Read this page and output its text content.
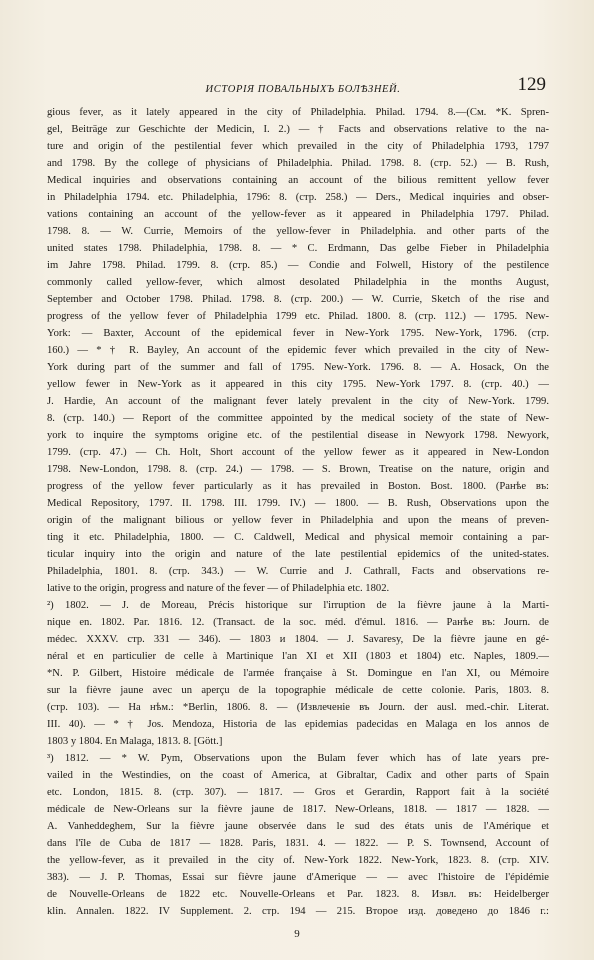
ИСТОРІЯ ПОВАЛЬНЫХЪ БОЛѢЗНЕЙ.	129
gious fever, as it lately appeared in the city of Philadelphia. Philad. 1794. 8.—(См. *K. Spren-
gel, Beiträge zur Geschichte der Medicin, I. 2.) — † Facts and observations relative to the na-
ture and origin of the pestilential fever which prevailed in the city of Philadelphia 1793, 1797
and 1798. By the college of physicians of Philadelphia. Philad. 1798. 8. (стр. 52.) — B. Rush,
Medical inquiries and observations containing an account of the bilious remittent yellow fever
in Philadelphia 1794. etc. Philadelphia, 1796: 8. (стр. 258.) — Ders., Medical inquiries and obser-
vations containing an account of the yellow-fever as it appeared in Philadelphia 1797. Philad.
1798. 8. — W. Currie, Memoirs of the yellow-fever in Philadelphia. and other parts of the
united states 1798. Philadelphia, 1798. 8. — * C. Erdmann, Das gelbe Fieber in Philadelphia
im Jahre 1798. Philad. 1799. 8. (стр. 85.) — Condie and Folwell, History of the pestilence
commonly called yellow-fever, which almost desolated Philadelphia in the months August,
September and October 1798. Philad. 1798. 8. (стр. 200.) — W. Currie, Sketch of the rise and
progress of the yellow fever of Philadelphia 1799 etc. Philad. 1800. 8. (стр. 112.) — 1795. New-
York: — Baxter, Account of the epidemical fever in New-York 1795. New-York, 1796. (стр.
160.) — * † R. Bayley, An account of the epidemic fever which prevailed in the city of New-
York during part of the summer and fall of 1795. New-York. 1796. 8. — A. Hosack, On the
yellow fewer in New-York as it appeared in this city 1795. New-York 1797. 8. (стр. 40.) —
J. Hardie, An account of the malignant fever lately prevalent in the city of New-York. 1799.
8. (стр. 140.) — Report of the committee appointed by the medical society of the state of New-
york to inquire the symptoms origine etc. of the pestilential disease in Newyork 1798. Newyork,
1799. (стр. 47.) — Ch. Holt, Short account of the yellow fewer as it appeared in New-London
1798. New-London, 1798. 8. (стр. 24.) — 1798. — S. Brown, Treatise on the nature, origin and
progress of the yellow fever particularly as it has prevailed in Boston. Bost. 1800. (Ранѣе въ:
Medical Repository, 1797. II. 1798. III. 1799. IV.) — 1800. — B. Rush, Observations upon the
origin of the malignant bilious or yellow fever in Philadelphia and upon the means of preven-
ting it etc. Philadelphia, 1800. — C. Caldwell, Medical and physical memoir containing a par-
ticular inquiry into the origin and nature of the late pestilential epidemics of the united-states.
Philadelphia, 1801. 8. (стр. 343.) — W. Currie and J. Cathrall, Facts and observations re-
lative to the origin, progress and nature of the fever — of Philadelphia etc. 1802.
²) 1802. — J. de Moreau, Précis historique sur l'irruption de la fièvre jaune à la Marti-
nique en. 1802. Par. 1816. 12. (Transact. de la soc. méd. d'émul. 1816. — Ранѣе въ: Journ. de
médec. XXXV. стр. 331 — 346). — 1803 и 1804. — J. Savaresy, De la fièvre jaune en gé-
néral et en particulier de celle à Martinique l'an XI et XII (1803 et 1804) etc. Naples, 1809.—
*N. P. Gilbert, Histoire médicale de l'armée française à St. Domingue en l'an XI, ou Mémoire
sur la fièvre jaune avec un aperçu de la topographie médicale de cette colonie. Paris, 1803. 8.
(стр. 103). — На нѣм.: *Berlin, 1806. 8. — (Извлеченіе въ Journ. der ausl. med.-chir. Literat.
III. 40). — * † Jos. Mendoza, Historia de las epidemias padecidas en Malaga en los annos de
1803 y 1804. En Malaga, 1813. 8. [Gött.]
³) 1812. — * W. Pym, Observations upon the Bulam fever which has of late years pre-
vailed in the Westindies, on the coast of America, at Gibraltar, Cadix and other parts of Spain
etc. London, 1815. 8. (стр. 307). — 1817. — Gros et Gerardin, Rapport fait à la société
médicale de New-Orleans sur la fièvre jaune de 1817. New-Orleans, 1818. — 1817 — 1828. —
A. Vanheddeghem, Sur la fièvre jaune observée dans le sud des états unis de l'Amérique et
dans l'île de Cuba de 1817 — 1828. Paris, 1831. 4. — 1822. — P. S. Townsend, Account of
the yellow-fever, as it prevailed in the city of. New-York 1822. New-York, 1823. 8. (стр. XIV.
383). — J. P. Thomas, Essai sur fièvre jaune d'Amerique — — avec l'histoire de l'épidémie
de Nouvelle-Orleans de 1822 etc. Nouvelle-Orleans et Par. 1823. 8. Извл. въ: Heidelberger
klin. Annalen. 1822. IV Supplement. 2. стр. 194 — 215. Второе изд. доведено до 1846 г.:
9
